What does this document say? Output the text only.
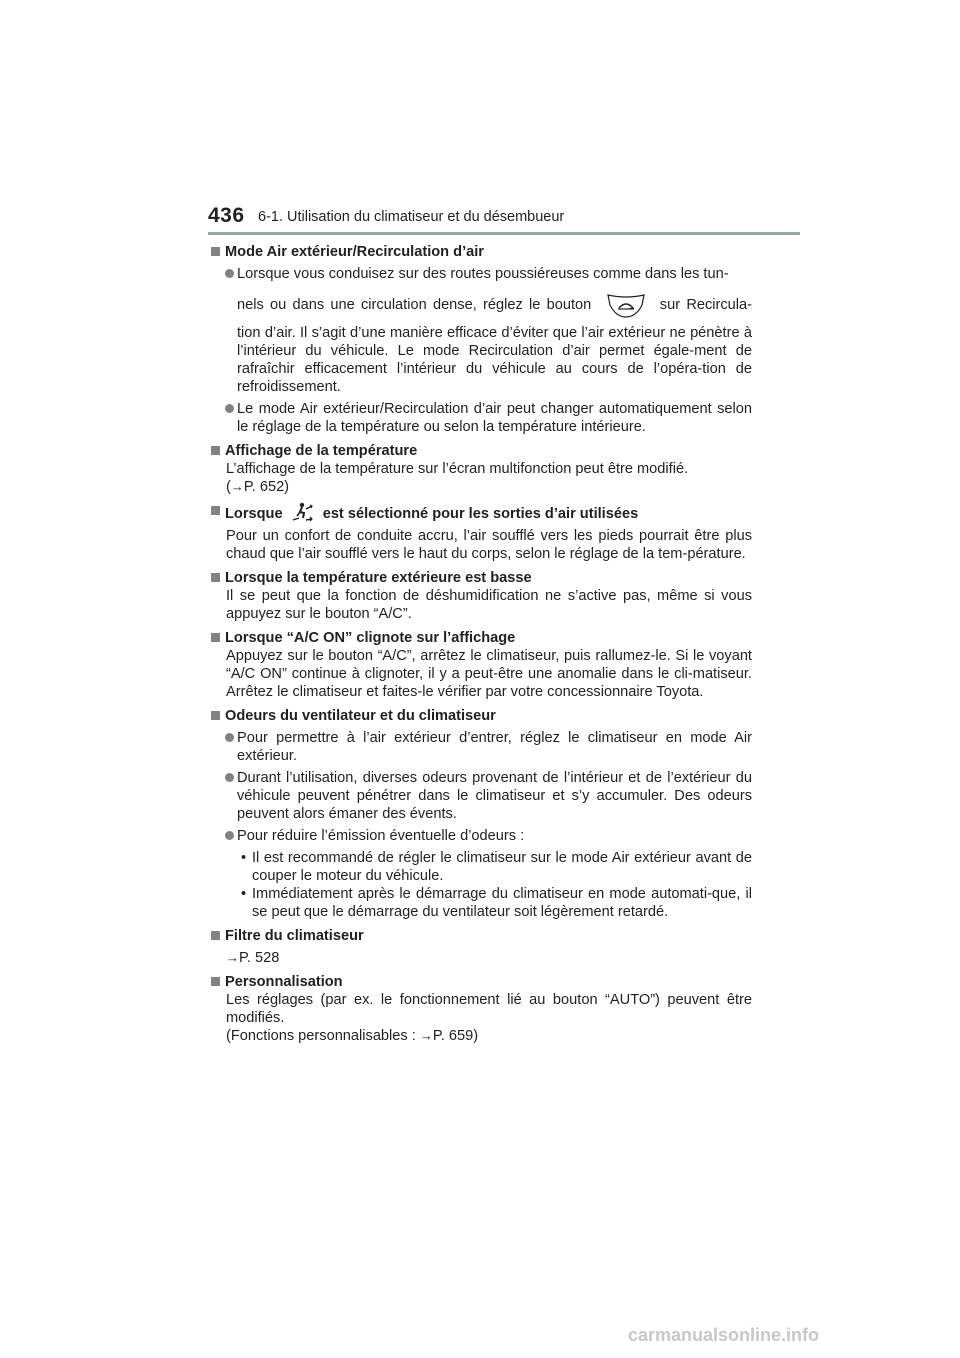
436 6-1. Utilisation du climatiseur et du désembueur
Mode Air extérieur/Recirculation d’air
Lorsque vous conduisez sur des routes poussiéreuses comme dans les tun-
nels ou dans une circulation dense, réglez le bouton	sur Recircula-
tion d’air. Il s’agit d’une manière efficace d’éviter que l’air extérieur ne pénètre à l’intérieur du véhicule. Le mode Recirculation d’air permet égale-ment de rafraîchir efficacement l’intérieur du véhicule au cours de l’opéra-tion de refroidissement.
Le mode Air extérieur/Recirculation d’air peut changer automatiquement selon le réglage de la température ou selon la température intérieure.
Affichage de la température
L’affichage de la température sur l’écran multifonction peut être modifié.
(→P. 652)
Lorsque	est sélectionné pour les sorties d’air utilisées
Pour un confort de conduite accru, l’air soufflé vers les pieds pourrait être plus chaud que l’air soufflé vers le haut du corps, selon le réglage de la tem-pérature.
Lorsque la température extérieure est basse
Il se peut que la fonction de déshumidification ne s’active pas, même si vous appuyez sur le bouton “A/C”.
Lorsque “A/C ON” clignote sur l’affichage
Appuyez sur le bouton “A/C”, arrêtez le climatiseur, puis rallumez-le. Si le voyant “A/C ON” continue à clignoter, il y a peut-être une anomalie dans le cli-matiseur. Arrêtez le climatiseur et faites-le vérifier par votre concessionnaire Toyota.
Odeurs du ventilateur et du climatiseur
Pour permettre à l’air extérieur d’entrer, réglez le climatiseur en mode Air extérieur.
Durant l’utilisation, diverses odeurs provenant de l’intérieur et de l’extérieur du véhicule peuvent pénétrer dans le climatiseur et s’y accumuler. Des odeurs peuvent alors émaner des évents.
Pour réduire l’émission éventuelle d’odeurs :
• Il est recommandé de régler le climatiseur sur le mode Air extérieur avant de couper le moteur du véhicule.
• Immédiatement après le démarrage du climatiseur en mode automati-que, il se peut que le démarrage du ventilateur soit légèrement retardé.
Filtre du climatiseur
→P. 528
Personnalisation
Les réglages (par ex. le fonctionnement lié au bouton “AUTO”) peuvent être modifiés.
(Fonctions personnalisables : →P. 659)
carmanualsonline.info
